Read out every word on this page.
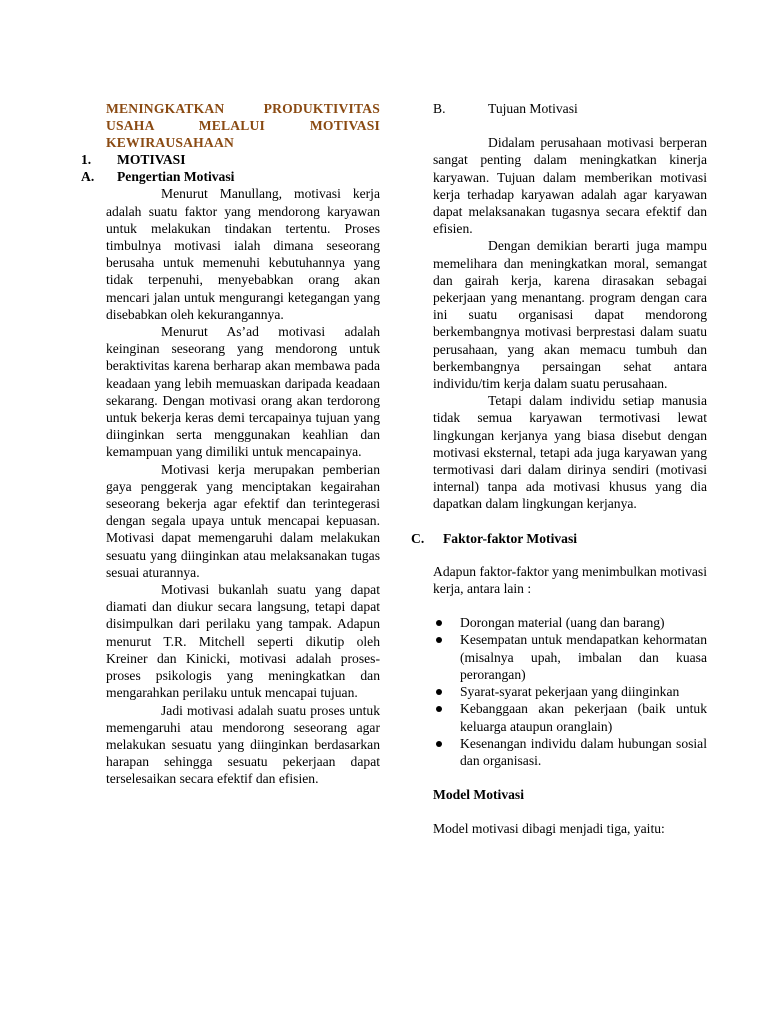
MENINGKATKAN PRODUKTIVITAS USAHA MELALUI MOTIVASI KEWIRAUSAHAAN

1. MOTIVASI

A. Pengertian Motivasi

Menurut Manullang, motivasi kerja adalah suatu faktor yang mendorong karyawan untuk melakukan tindakan tertentu. Proses timbulnya motivasi ialah dimana seseorang berusaha untuk memenuhi kebutuhannya yang tidak terpenuhi, menyebabkan orang akan mencari jalan untuk mengurangi ketegangan yang disebabkan oleh kekurangannya.

Menurut As’ad motivasi adalah keinginan seseorang yang mendorong untuk beraktivitas karena berharap akan membawa pada keadaan yang lebih memuaskan daripada keadaan sekarang. Dengan motivasi orang akan terdorong untuk bekerja keras demi tercapainya tujuan yang diinginkan serta menggunakan keahlian dan kemampuan yang dimiliki untuk mencapainya.

Motivasi kerja merupakan pemberian gaya penggerak yang menciptakan kegairahan seseorang bekerja agar efektif dan terintegerasi dengan segala upaya untuk mencapai kepuasan. Motivasi dapat memengaruhi dalam melakukan sesuatu yang diinginkan atau melaksanakan tugas sesuai aturannya.

Motivasi bukanlah suatu yang dapat diamati dan diukur secara langsung, tetapi dapat disimpulkan dari perilaku yang tampak. Adapun menurut T.R. Mitchell seperti dikutip oleh Kreiner dan Kinicki, motivasi adalah proses-proses psikologis yang meningkatkan dan mengarahkan perilaku untuk mencapai tujuan.

Jadi motivasi adalah suatu proses untuk memengaruhi atau mendorong seseorang agar melakukan sesuatu yang diinginkan berdasarkan harapan sehingga sesuatu pekerjaan dapat terselesaikan secara efektif dan efisien.

B.	Tujuan Motivasi

Didalam perusahaan motivasi berperan sangat penting dalam meningkatkan kinerja karyawan. Tujuan dalam memberikan motivasi kerja terhadap karyawan adalah agar karyawan dapat melaksanakan tugasnya secara efektif dan efisien.

Dengan demikian berarti juga mampu memelihara dan meningkatkan moral, semangat dan gairah kerja, karena dirasakan sebagai pekerjaan yang menantang. program dengan cara ini suatu organisasi dapat mendorong berkembangnya motivasi berprestasi dalam suatu perusahaan, yang akan memacu tumbuh dan berkembangnya persaingan sehat antara individu/tim kerja dalam suatu perusahaan.

Tetapi dalam individu setiap manusia tidak semua karyawan termotivasi lewat lingkungan kerjanya yang biasa disebut dengan motivasi eksternal, tetapi ada juga karyawan yang termotivasi dari dalam dirinya sendiri (motivasi internal) tanpa ada motivasi khusus yang dia dapatkan dalam lingkungan kerjanya.

C. Faktor-faktor Motivasi

Adapun faktor-faktor yang menimbulkan motivasi kerja, antara lain :

Dorongan material (uang dan barang)
Kesempatan untuk mendapatkan kehormatan (misalnya upah, imbalan dan kuasa perorangan)
Syarat-syarat pekerjaan yang diinginkan
Kebanggaan akan pekerjaan (baik untuk keluarga ataupun oranglain)
Kesenangan individu dalam hubungan sosial dan organisasi.

Model Motivasi

Model motivasi dibagi menjadi tiga, yaitu:
